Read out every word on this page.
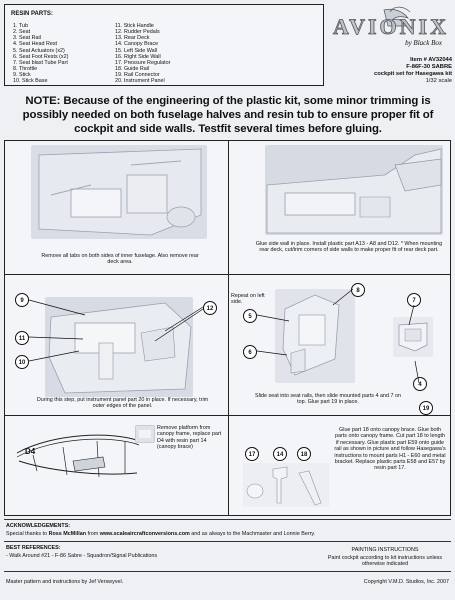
RESIN PARTS:
1. Tub
2. Seat
3. Seat Rail
4. Seat Head Rest
5. Seat Actuators (x2)
6. Seat Foot Rests (x2)
7. Seat blast Tube Part
8. Throttle
9. Stick
10. Stick Base
11. Stick Handle
12. Rudder Pedals
13. Rear Deck
14. Canopy Brace
15. Left Side Wall
16. Right Side Wall
17. Pressure Regulator
18. Guide Rail
19. Rail Connector
20. Instrument Panel
AVIONIX
by Black Box
Item # AV32044
F-86F-30 SABRE
cockpit set for Hasegawa kit
1/32 scale
NOTE: Because of the engineering of the plastic kit, some minor trimming is possibly needed on both fuselage halves and resin tub to ensure proper fit of cockpit and side walls. Testfit several times before gluing.
Remove all tabs on both sides of inner fuselage. Also remove rear deck area.
Glue side wall in place. Install plastic part A13 - A8 and D12. * When mounting rear deck, cut/trim corners of side walls to make proper fit of rear deck part.
9
11
12
10
During this step, put instrument panel part 20 in place. If necessary, trim outer edges of the panel.
Repeat on left side.
8
5
6
7
4
19
Slide seat into seat rails, then slide mounted parts 4 and 7 on top. Glue part 19 in place.
D4
Remove platform from canopy frame, replace part D4 with resin part 14 (canopy brace)
17	14	18
Glue part 18 onto canopy brace. Glue both parts onto canopy frame. Cut part 18 to length if necessary. Glue plastic part E59 onto guide rail as shown in picture and follow Hasegawa's instructions to mount parts H1 - E60 and metal bracket. Replace plastic parts E58 and E57 by resin part 17.
ACKNOWLEDGEMENTS:
Special thanks to Ross McMillan from www.scaleaircraftconversions.com and as always to the Machmaster and Lonnie Berry.
BEST REFERENCES:
- Walk Around #21 - F-86 Sabre - Squadron/Signal Publications
PAINTING INSTRUCTIONS
Paint cockpit according to kit instructions unless otherwise indicated
Master pattern and instructions by Jef Verswyvel.	Copyright V.M.D. Studios, Inc. 2007
